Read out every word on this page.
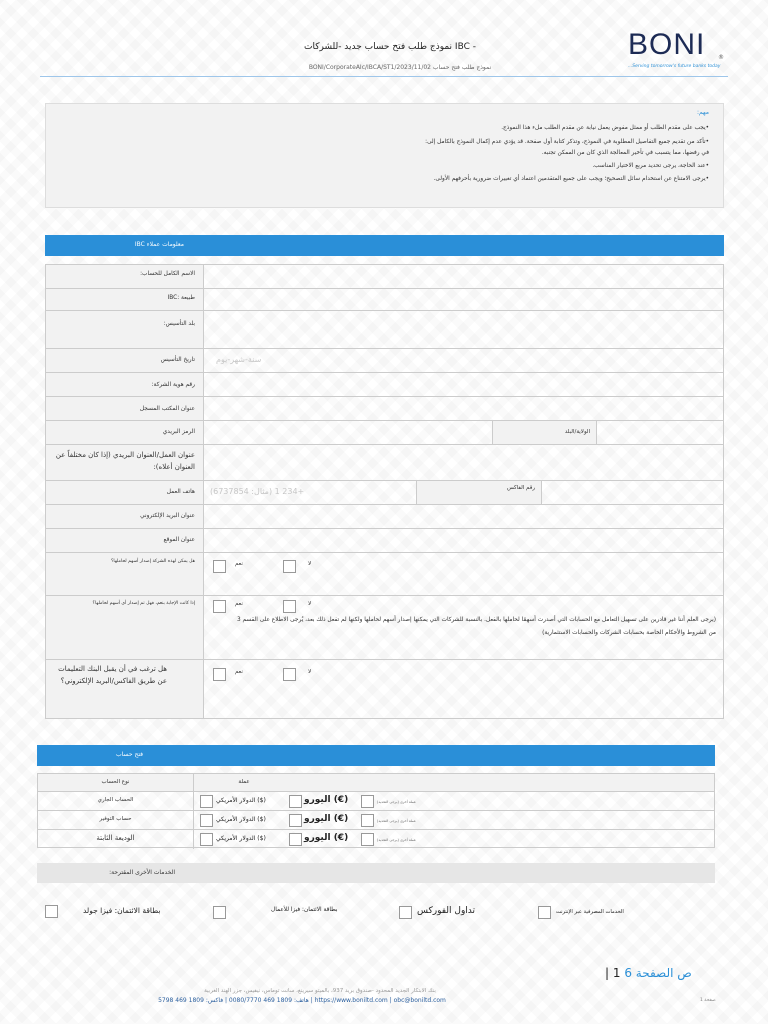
نموذج طلب فتح حساب جديد -للشركات IBC -
BONI/CorporateAIc/IBCA/ST1/2023/11/02 نموذج طلب فتح حساب
BONI ®
...Serving tomorrow's future banks today
مهم:

•يجب على مقدم الطلب أو ممثل مفوض يعمل نيابة عن مقدم الطلب ملء هذا النموذج.

•تأكد من تقديم جميع التفاصيل المطلوبة في النموذج، وتذكر كتابة أول صفحة. قد يؤدي عدم إكمال النموذج بالكامل إلى:

في رفضها، مما يتسبب في تأخير المعالجة الذي كان من الممكن تجنبه.

•عند الحاجة، يرجى تحديد مربع الاختيار المناسب.

•يرجى الامتناع عن استخدام سائل التصحيح؛ ويجب على جميع المتقدمين اعتماد أي تغييرات ضرورية بأحرفهم الأولى.

معلومات عملاء IBC
الاسم الكامل للحساب:
طبيعة :IBC
بلد التأسيس:
تاريخ التأسيس	سنة-شهر-يوم
رقم هوية الشركة:
عنوان المكتب المسجل
الرمز البريدي	الولاية/البلد
عنوان العمل/العنوان البريدي (إذا كان مختلفاً عن العنوان أعلاه):
هاتف العمل	(مثال: 6737854) 234 1+	رقم الفاكس
عنوان البريد الإلكتروني
عنوان الموقع
هل يمكن لهذه الشركة إصدار أسهم لحاملها؟	نعم	لا
إذا كانت الإجابة بنعم، فهل تم إصدار أي أسهم لحاملها؟	نعم	لا
(يرجى العلم أننا غير قادرين على تسهيل التعامل مع الحسابات التي أصدرت أسهمًا لحاملها بالفعل. بالنسبة للشركات التي يمكنها إصدار أسهم لحاملها ولكنها لم تفعل ذلك بعد، يُرجى الاطلاع على القسم 3 من الشروط والأحكام الخاصة بحسابات الشركات والحسابات الاستثمارية)
هل ترغب في أن يقبل البنك التعليمات عن طريق الفاكس/البريد الإلكتروني؟
نعم	لا
فتح حساب
عملة
نوع الحساب
الحساب الجاري	الدولار الأمريكي ($)	اليورو (€)	عملة أخرى (يرجى التحديد)
حساب التوفير	الدولار الأمريكي ($)	اليورو (€)	عملة أخرى (يرجى التحديد)
الوديعة الثابتة	الدولار الأمريكي ($)	اليورو (€)	عملة أخرى (يرجى التحديد)
الخدمات الأخرى المقترحة:
الخدمات المصرفية عبر الإنترنت
تداول الفوركس
بطاقة الائتمان: فيزا للأعمال
بطاقة الائتمان: فيزا جولد
| 1 6 ص الصفحة
بنك الابتكار الجديد المحدود -صندوق بريد 937، بالميتو سيرينغ، سانت توماس، نيفيس، جزر الهند الغربية
هاتف: 1809 469 0080/7770 | فاكس: 1809 469 5798 | https://www.boniltd.com | obc@boniltd.com	صفحة 1
